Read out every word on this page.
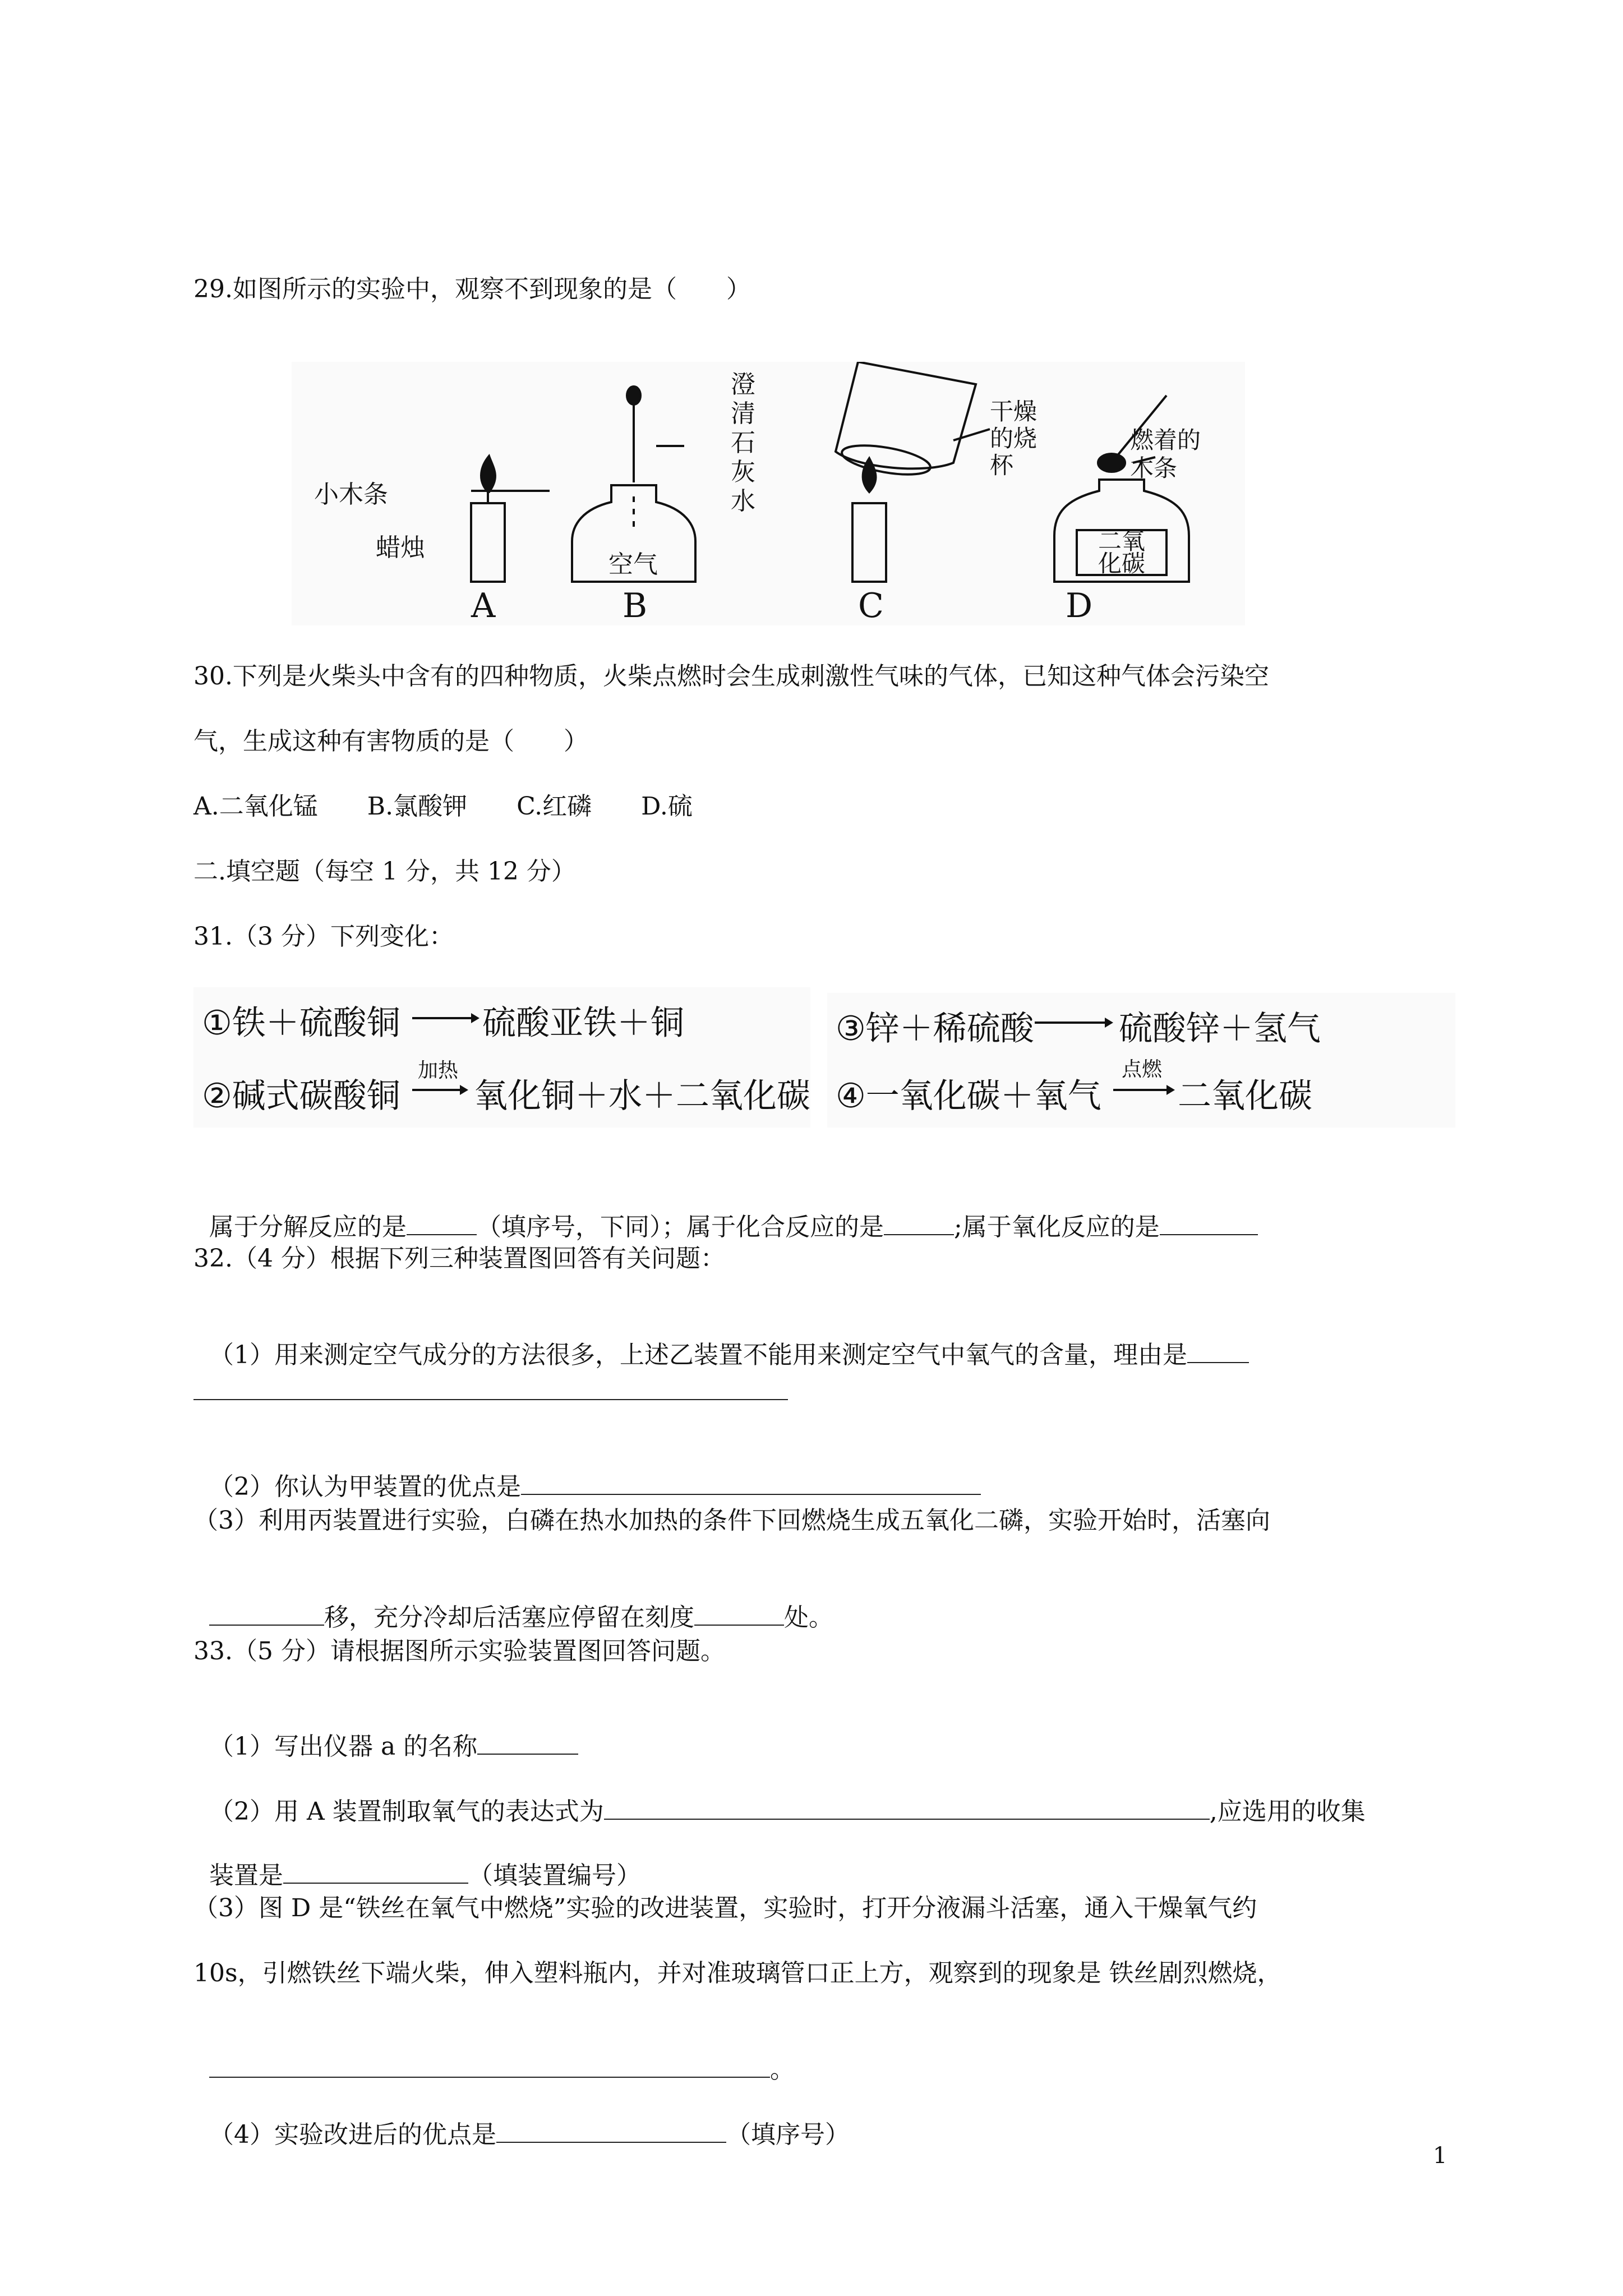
29.如图所示的实验中，观察不到现象的是（　　）
小木条
蜡烛
空气
澄
清
石
灰
水
干燥
的烧
杯
燃着的
木条
二氧
化碳
A	B	C	D
30.下列是火柴头中含有的四种物质，火柴点燃时会生成刺激性气味的气体，已知这种气体会污染空
气，生成这种有害物质的是（　　）
A.二氧化锰　　B.氯酸钾　　C.红磷　　D.硫
二.填空题（每空 1 分，共 12 分）
31.（3 分）下列变化：
①铁＋硫酸铜 硫酸亚铁＋铜
②碱式碳酸铜
加热
氧化铜＋水＋二氧化碳
③锌＋稀硫酸	硫酸锌＋氢气
④一氧化碳＋氧气
点燃
二氧化碳

属于分解反应的是	（填序号，下同）；属于化合反应的是	;属于氧化反应的是

32.（4 分）根据下列三种装置图回答有关问题：

（1）用来测定空气成分的方法很多，上述乙装置不能用来测定空气中氧气的含量，理由是

（2）你认为甲装置的优点是

（3）利用丙装置进行实验，白磷在热水加热的条件下回燃烧生成五氧化二磷，实验开始时，活塞向

移，充分冷却后活塞应停留在刻度	处。

33.（5 分）请根据图所示实验装置图回答问题。

（1）写出仪器 a 的名称

（2）用 A 装置制取氧气的表达式为	,应选用的收集

装置是	（填装置编号）

（3）图 D 是“铁丝在氧气中燃烧”实验的改进装置，实验时，打开分液漏斗活塞，通入干燥氧气约
10s，引燃铁丝下端火柴，伸入塑料瓶内，并对准玻璃管口正上方，观察到的现象是 铁丝剧烈燃烧，

。

（4）实验改进后的优点是	（填序号）

1
